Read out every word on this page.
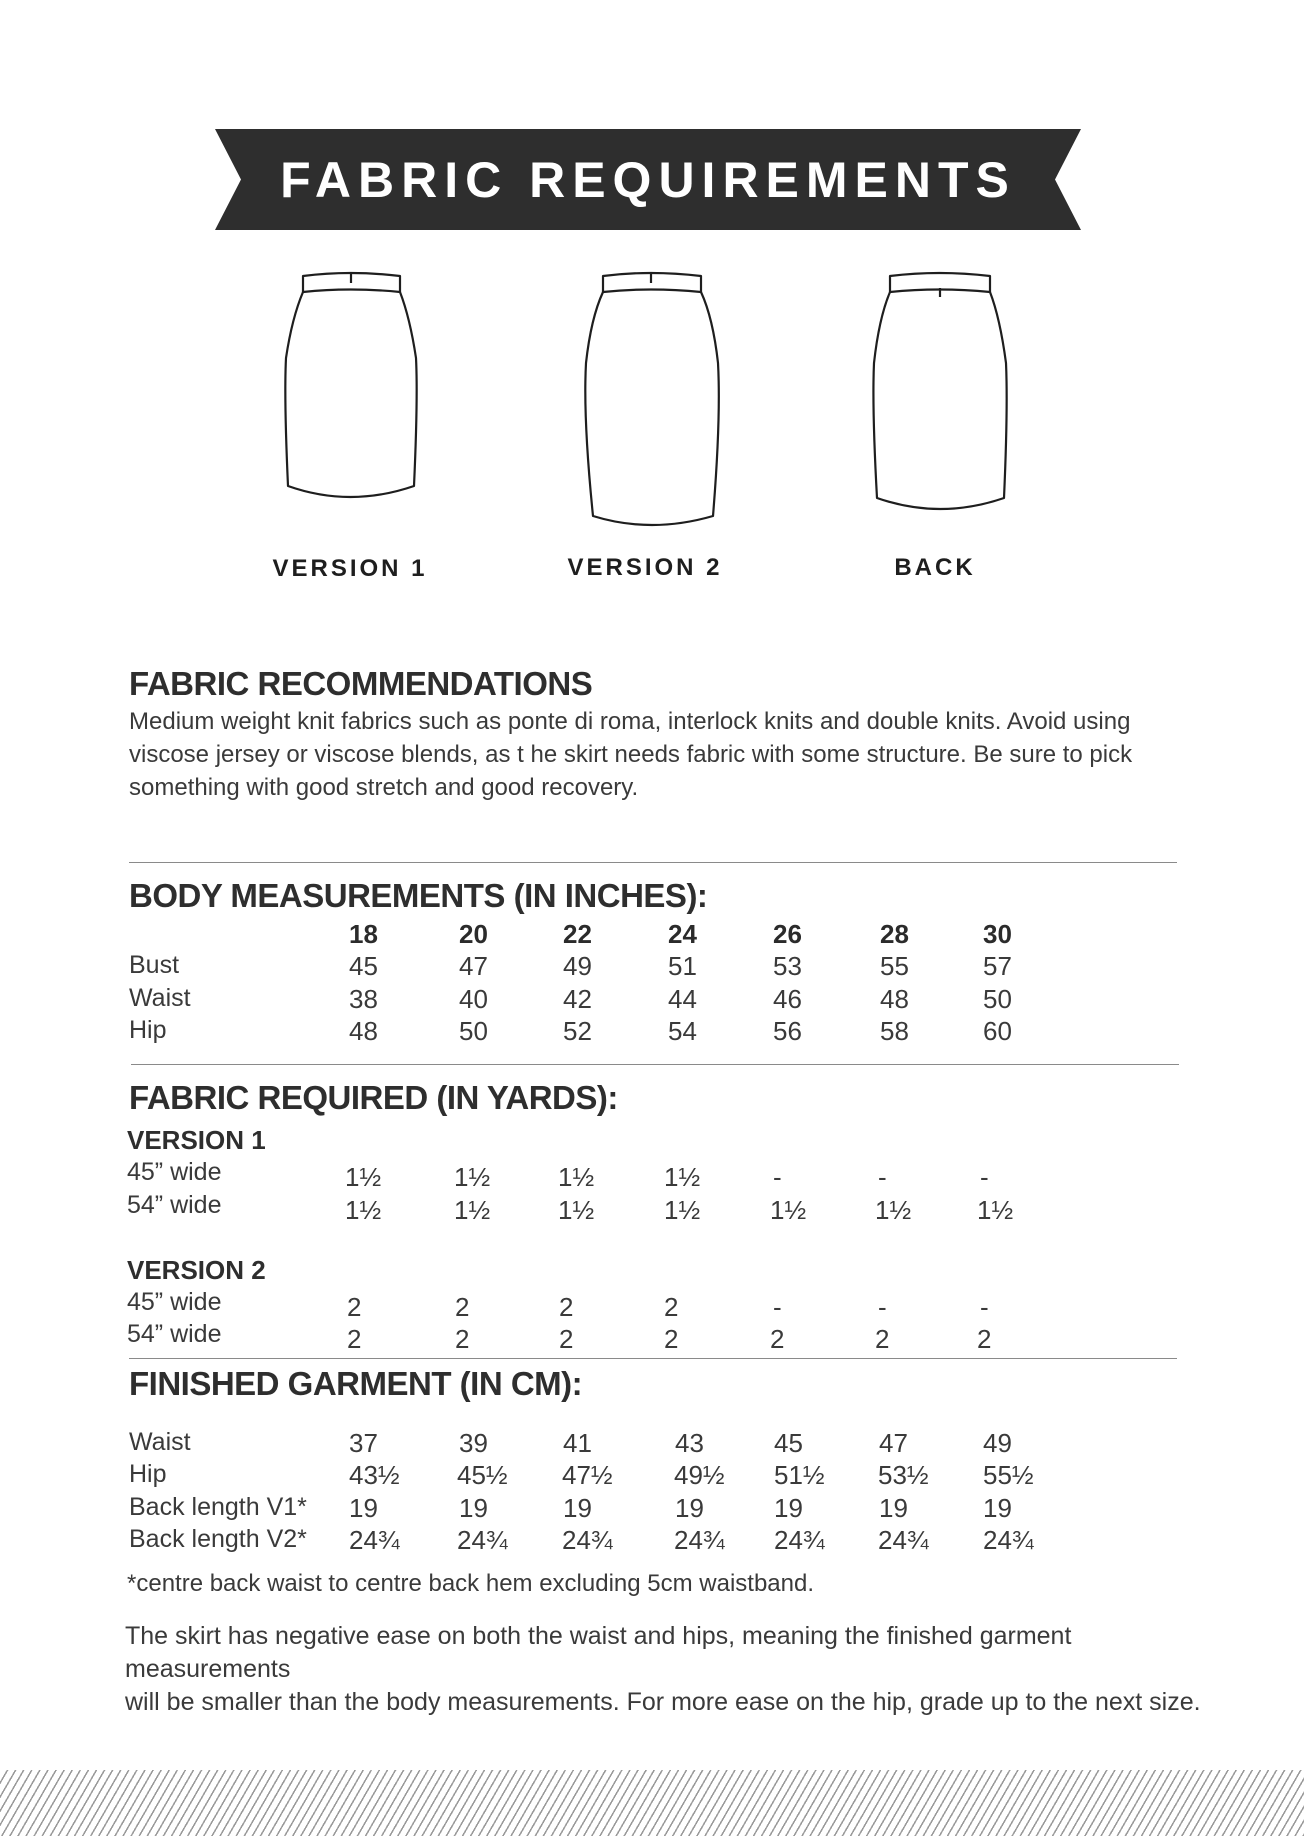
FABRIC REQUIREMENTS
VERSION 1	VERSION 2	BACK
FABRIC RECOMMENDATIONS
Medium weight knit fabrics such as ponte di roma, interlock knits and double knits. Avoid using
viscose jersey or viscose blends, as t he skirt needs fabric with some structure. Be sure to pick
something with good stretch and good recovery.
BODY MEASUREMENTS (IN INCHES):
18	20	22	24	26	28	30
Bust	45	47	49	51	53	55	57
Waist	38	40	42	44	46	48	50
Hip	48	50	52	54	56	58	60
FABRIC REQUIRED (IN YARDS):
VERSION 1
45” wide	1½	1½	1½	1½	-	-	-
54” wide	1½	1½	1½	1½	1½	1½	1½
VERSION 2
45” wide	2	2	2	2	-	-	-
54” wide	2	2	2	2	2	2	2
FINISHED GARMENT (IN CM):
Waist	37	39	41	43	45	47	49
Hip	43½ 45½ 47½ 49½ 51½ 53½ 55½
Back length V1* 19	19	19	19	19	19	19
Back length V2* 24¾ 24¾ 24¾ 24¾ 24¾ 24¾ 24¾
*centre back waist to centre back hem excluding 5cm waistband.
The skirt has negative ease on both the waist and hips, meaning the finished garment measurements
will be smaller than the body measurements. For more ease on the hip, grade up to the next size.
